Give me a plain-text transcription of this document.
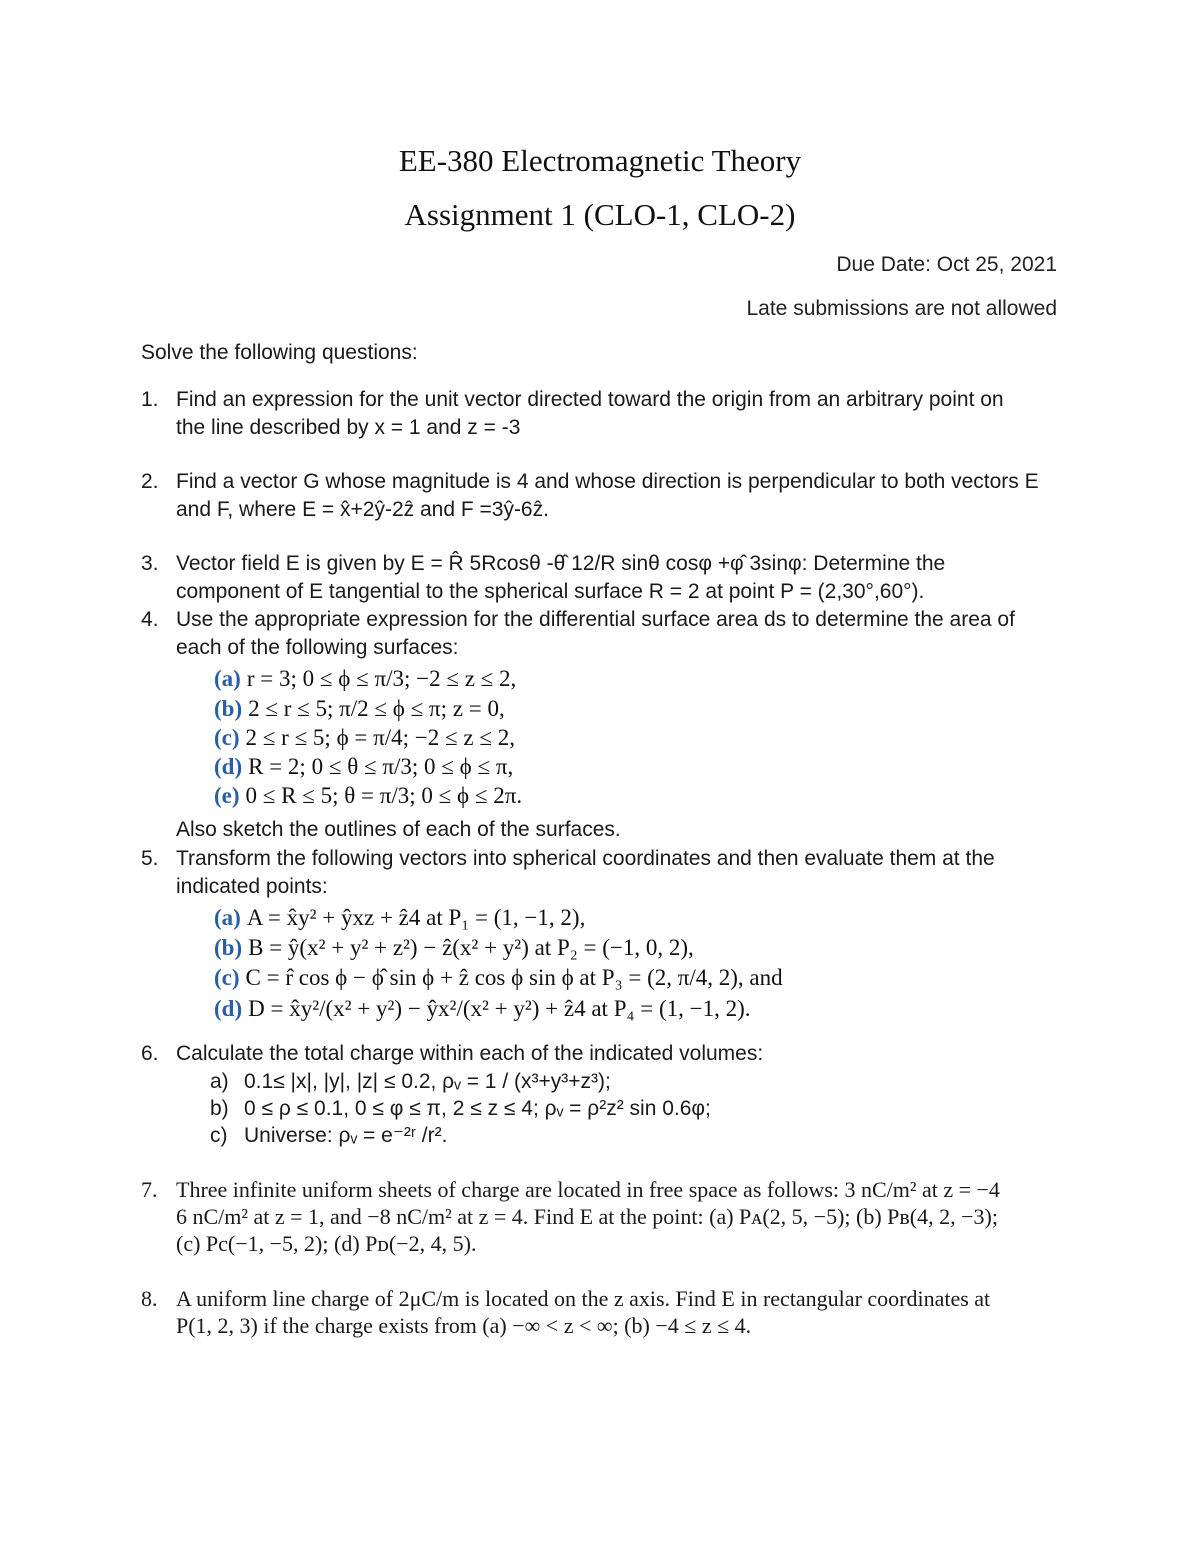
EE-380 Electromagnetic Theory
Assignment 1 (CLO-1, CLO-2)
Due Date: Oct 25, 2021
Late submissions are not allowed
Solve the following questions:
1. Find an expression for the unit vector directed toward the origin from an arbitrary point on
the line described by x = 1 and z = -3
2. Find a vector G whose magnitude is 4 and whose direction is perpendicular to both vectors E
and F, where E = x̂+2ŷ-2ẑ and F =3ŷ-6ẑ.
3. Vector field E is given by E = R̂ 5Rcosθ -θ̂ 12/R sinθ cosφ +φ̂ 3sinφ: Determine the
component of E tangential to the spherical surface R = 2 at point P = (2,30°,60°).
4. Use the appropriate expression for the differential surface area ds to determine the area of
each of the following surfaces:
(a) r = 3; 0 ≤ ϕ ≤ π/3; −2 ≤ z ≤ 2,
(b) 2 ≤ r ≤ 5; π/2 ≤ ϕ ≤ π; z = 0,
(c) 2 ≤ r ≤ 5; ϕ = π/4; −2 ≤ z ≤ 2,
(d) R = 2; 0 ≤ θ ≤ π/3; 0 ≤ ϕ ≤ π,
(e) 0 ≤ R ≤ 5; θ = π/3; 0 ≤ ϕ ≤ 2π.
Also sketch the outlines of each of the surfaces.
5. Transform the following vectors into spherical coordinates and then evaluate them at the
indicated points:
(a) A = x̂y² + ŷxz + ẑ4 at P₁ = (1, −1, 2),
(b) B = ŷ(x² + y² + z²) − ẑ(x² + y²) at P₂ = (−1, 0, 2),
(c) C = r̂ cos ϕ − ϕ̂ sin ϕ + ẑ cos ϕ sin ϕ at P₃ = (2, π/4, 2), and
(d) D = x̂y²/(x² + y²) − ŷx²/(x² + y²) + ẑ4 at P₄ = (1, −1, 2).
6. Calculate the total charge within each of the indicated volumes:
a) 0.1≤ |x|, |y|, |z| ≤ 0.2, ρᵥ = 1 / (x³+y³+z³);
b) 0 ≤ ρ ≤ 0.1, 0 ≤ φ ≤ π, 2 ≤ z ≤ 4; ρᵥ = ρ²z² sin 0.6φ;
c) Universe: ρᵥ = e⁻²ʳ /r².
7. Three infinite uniform sheets of charge are located in free space as follows: 3 nC/m² at z = −4
6 nC/m² at z = 1, and −8 nC/m² at z = 4. Find E at the point: (a) Pᴀ(2, 5, −5); (b) Pʙ(4, 2, −3);
(c) Pc(−1, −5, 2); (d) Pᴅ(−2, 4, 5).
8. A uniform line charge of 2μC/m is located on the z axis. Find E in rectangular coordinates at
P(1, 2, 3) if the charge exists from (a) −∞ < z < ∞; (b) −4 ≤ z ≤ 4.
